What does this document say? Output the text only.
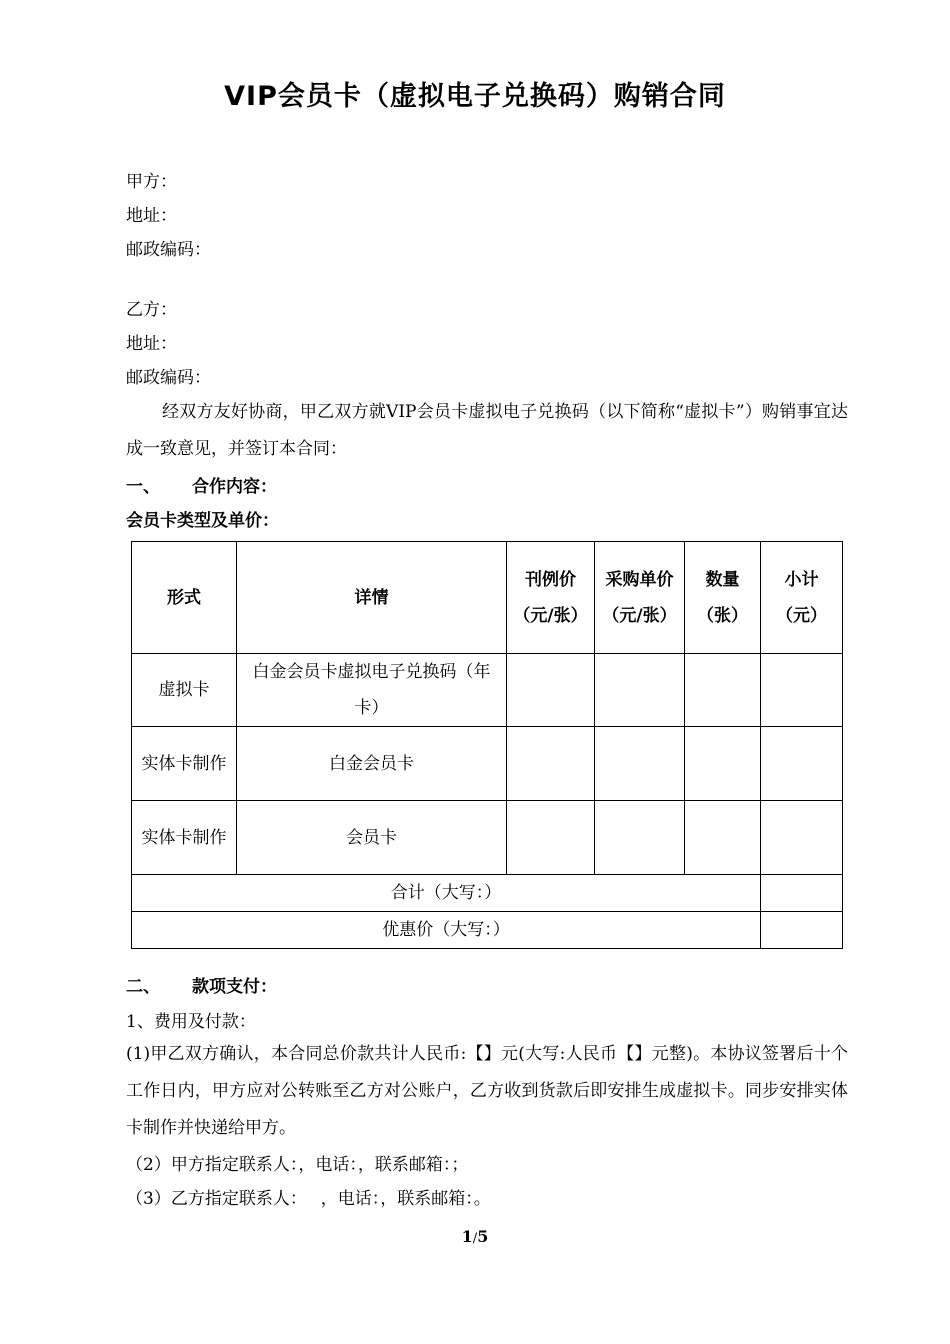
VIP会员卡（虚拟电子兑换码）购销合同
甲方：
地址：
邮政编码：
乙方：
地址：
邮政编码：
经双方友好协商，甲乙双方就VIP会员卡虚拟电子兑换码（以下简称“虚拟卡”）购销事宜达成一致意见，并签订本合同：
一、 合作内容：
会员卡类型及单价：
形式	详情	刊例价（元/张）	采购单价（元/张）	数量（张）	小计（元）
虚拟卡	白金会员卡虚拟电子兑换码（年卡）				
实体卡制作	白金会员卡				
实体卡制作	会员卡				
合计（大写：）					
优惠价（大写：）					
二、 款项支付：
1、费用及付款：
(1)甲乙双方确认，本合同总价款共计人民币:【】元(大写:人民币【】元整)。本协议签署后十个工作日内，甲方应对公转账至乙方对公账户，乙方收到货款后即安排生成虚拟卡。同步安排实体卡制作并快递给甲方。
（2）甲方指定联系人：，电话：，联系邮箱：；
（3）乙方指定联系人：　 ，电话：，联系邮箱：。
1/5
